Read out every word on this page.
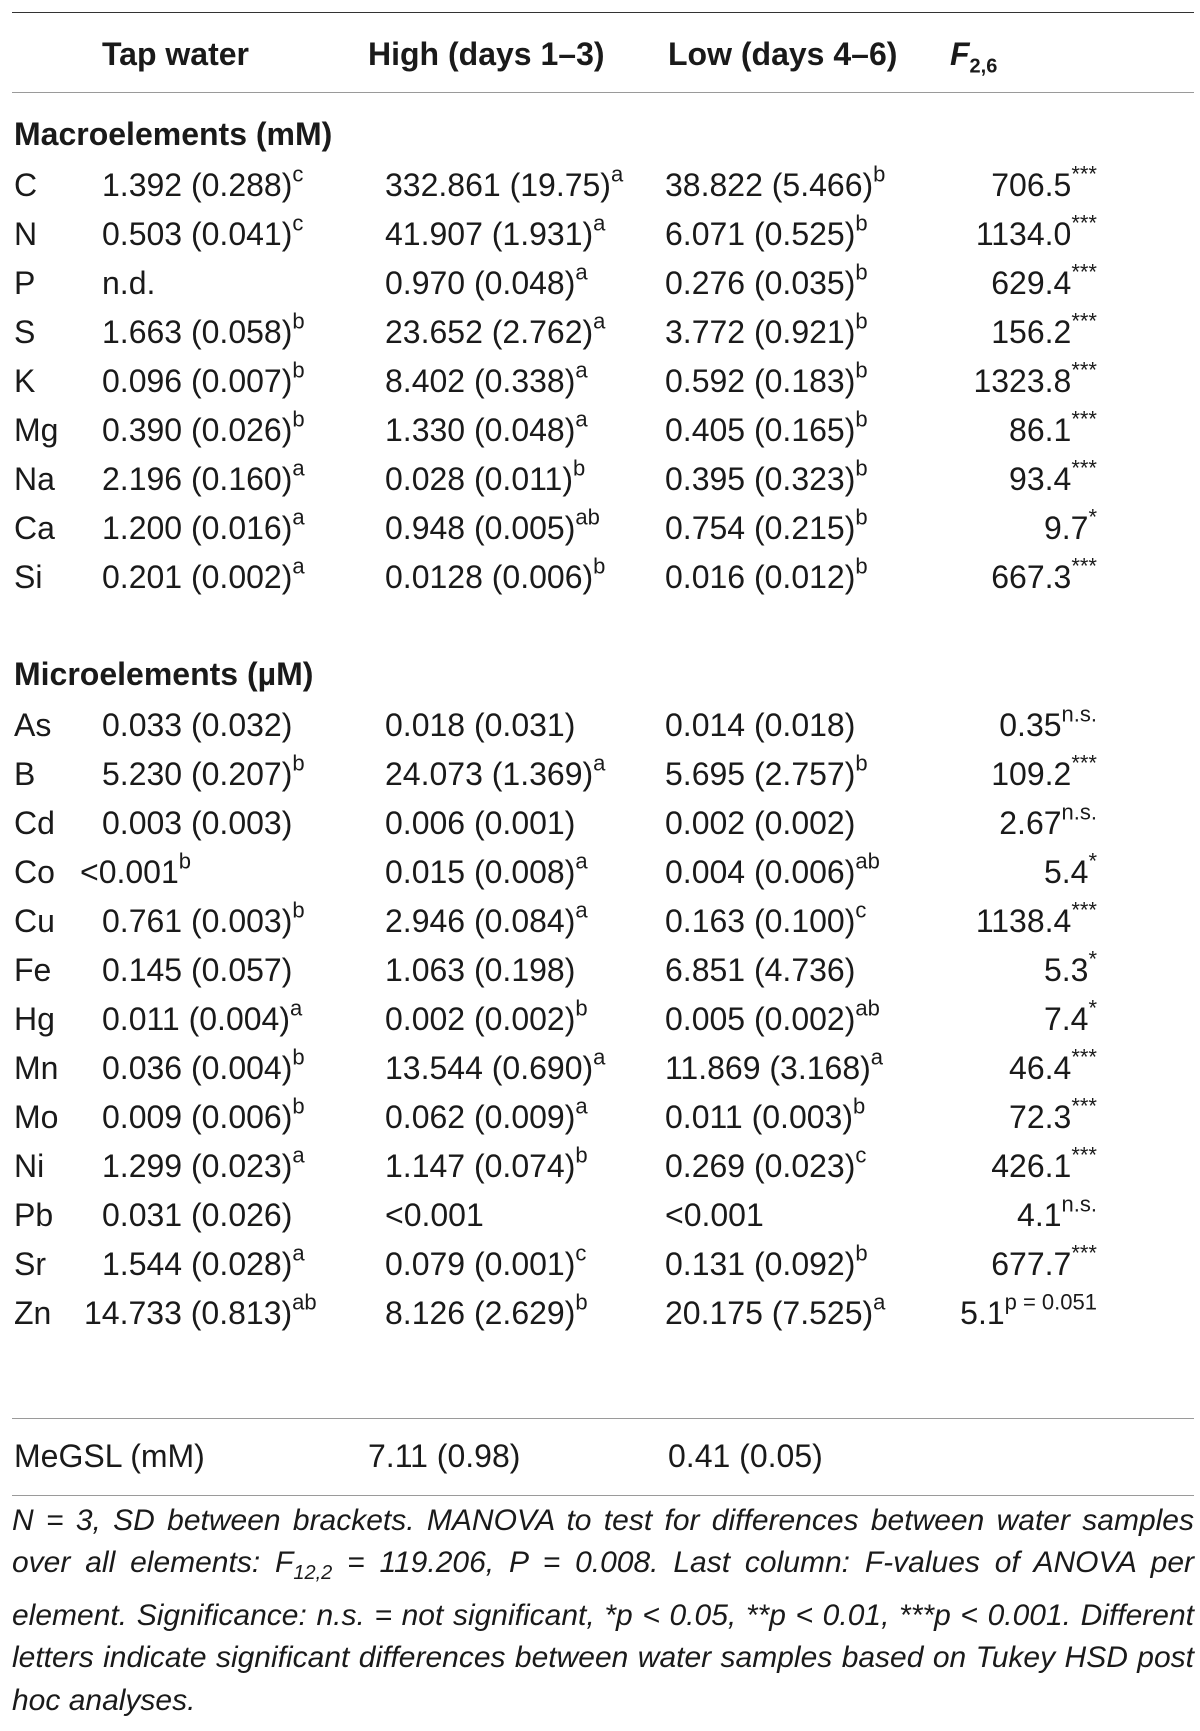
Tap water	High (days 1–3) Low (days 4–6) $F_{2,6}$
Macroelements (mM)
C 1.392 $(0.288)^c$	332.861 $(19.75)^a$ 38.822 $(5.466)^b$	706.5***
N 0.503 $(0.041)^c$	41.907 $(1.931)^a$ 6.071 $(0.525)^b$	1134.0***
P n.d.	0.970 $(0.048)^a$ 0.276 $(0.035)^b$	629.4***
S 1.663 $(0.058)^b$	23.652 $(2.762)^a$ 3.772 $(0.921)^b$	156.2***
K 0.096 $(0.007)^b$	8.402 $(0.338)^a$ 0.592 $(0.183)^b$	1323.8***
Mg 0.390 $(0.026)^b$	1.330 $(0.048)^a$ 0.405 $(0.165)^b$	86.1***
Na 2.196 $(0.160)^a$	0.028 $(0.011)^b$ 0.395 $(0.323)^b$	93.4***
Ca 1.200 $(0.016)^a$	0.948 $(0.005)^{ab}$ 0.754 $(0.215)^b$	9.7*
Si 0.201 $(0.002)^a$	0.0128 $(0.006)^b$ 0.016 $(0.012)^b$	667.3***
Microelements (µM)
As 0.033 (0.032)	0.018 (0.031)	0.014 (0.018)	$0.35^{n.s.}$
B 5.230 $(0.207)^b$	24.073 $(1.369)^a$ 5.695 $(2.757)^b$	109.2***
Cd 0.003 (0.003)	0.006 (0.001)	0.002 (0.002)	$2.67^{n.s.}$
Co <0.001$^b$	0.015 $(0.008)^a$ 0.004 $(0.006)^{ab}$	5.4*
Cu 0.761 $(0.003)^b$	2.946 $(0.084)^a$ 0.163 $(0.100)^c$	1138.4***
Fe 0.145 (0.057)	1.063 (0.198)	6.851 (4.736)	5.3*
Hg 0.011 $(0.004)^a$	0.002 $(0.002)^b$ 0.005 $(0.002)^{ab}$	7.4*
Mn 0.036 $(0.004)^b$	13.544 $(0.690)^a$ 11.869 $(3.168)^a$	46.4***
Mo 0.009 $(0.006)^b$	0.062 $(0.009)^a$ 0.011 $(0.003)^b$	72.3***
Ni 1.299 $(0.023)^a$	1.147 $(0.074)^b$ 0.269 $(0.023)^c$	426.1***
Pb 0.031 (0.026)	<0.001	<0.001	$4.1^{n.s.}$
Sr 1.544 $(0.028)^a$	0.079 $(0.001)^c$ 0.131 $(0.092)^b$	677.7***
Zn 14.733 $(0.813)^{ab}$ 8.126 $(2.629)^b$ 20.175 $(7.525)^a$ $5.1^{p = 0.051}$
MeGSL (mM)	7.11 (0.98)	0.41 (0.05)
N = 3, SD between brackets. MANOVA to test for differences between water samples over all elements: $F_{12,2} = 119.206$, P = 0.008. Last column: F-values of ANOVA per element. Significance: n.s. = not significant, *p < 0.05, **p < 0.01, ***p < 0.001. Different letters indicate significant differences between water samples based on Tukey HSD post hoc analyses.
